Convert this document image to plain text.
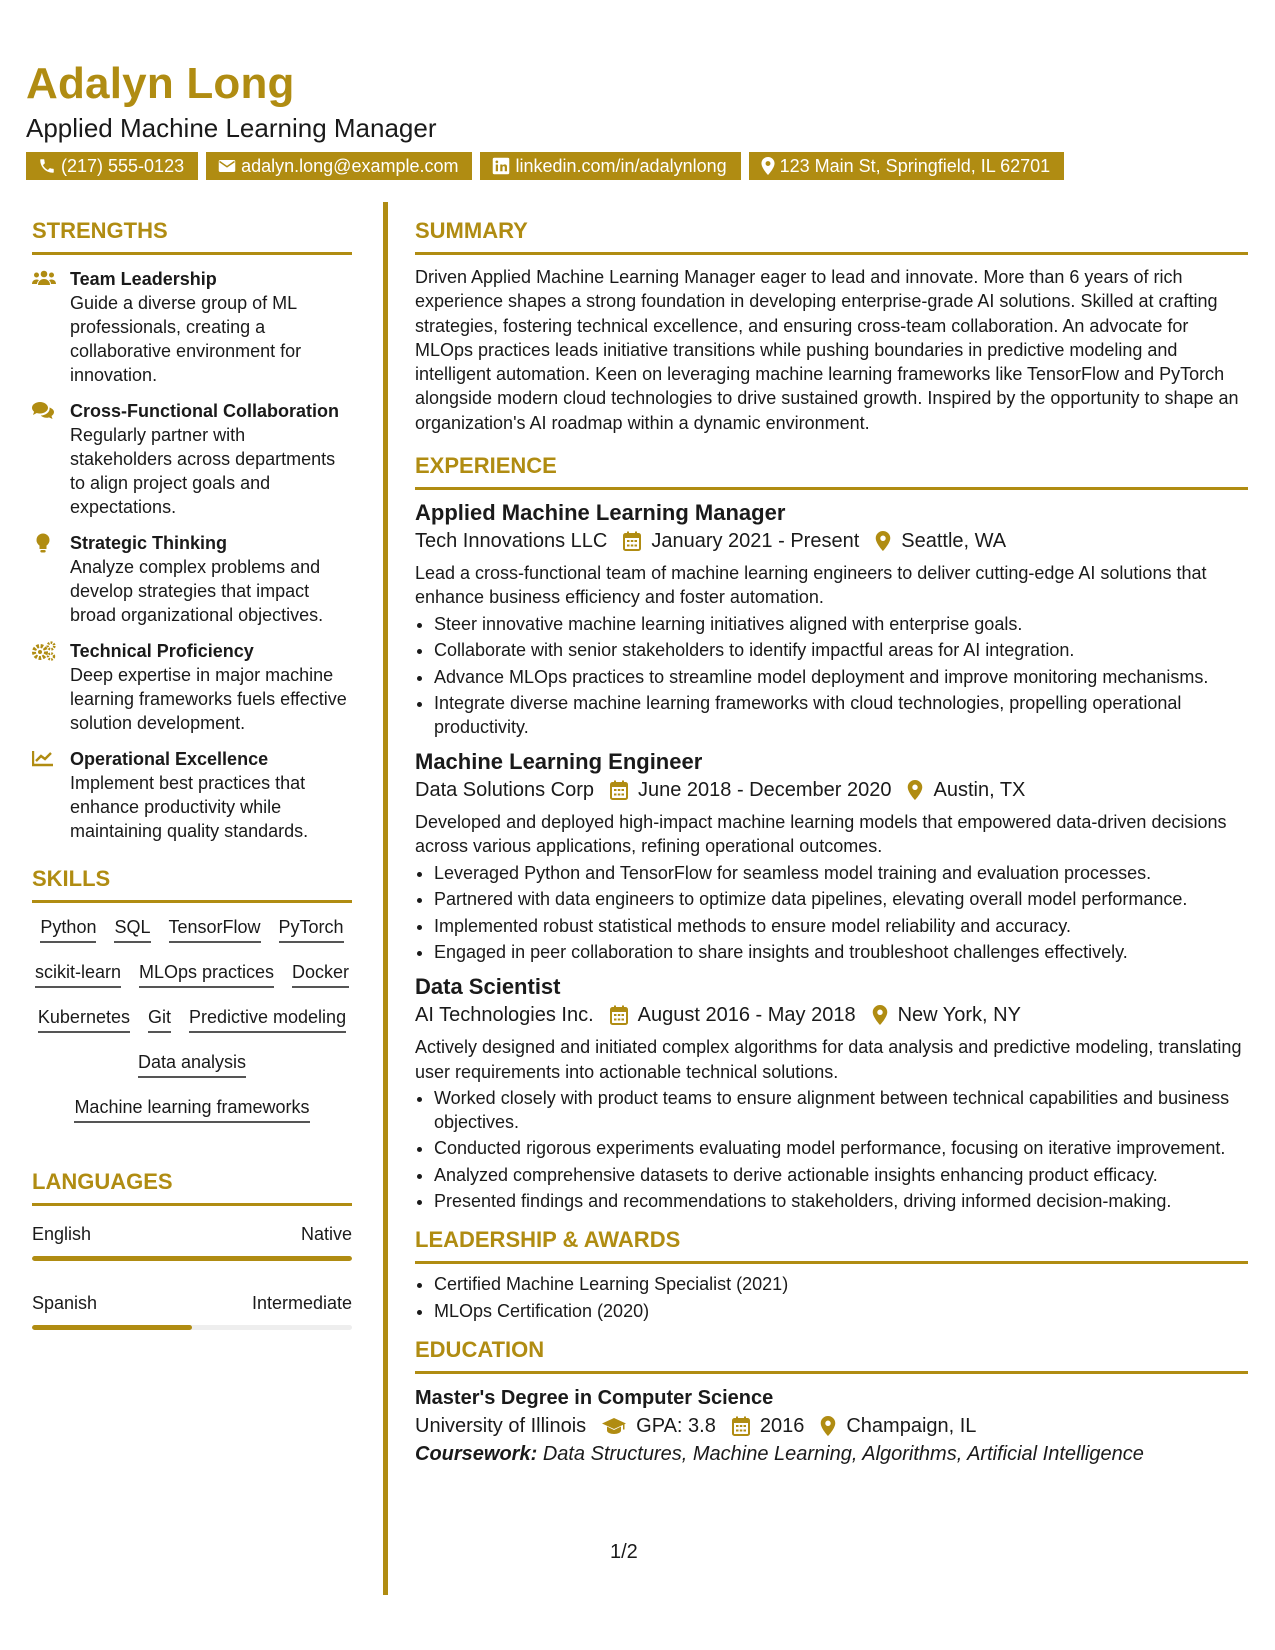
Adalyn Long
Applied Machine Learning Manager
(217) 555-0123	adalyn.long@example.com	linkedin.com/in/adalynlong	123 Main St, Springfield, IL 62701
STRENGTHS
Team Leadership
Guide a diverse group of ML professionals, creating a collaborative environment for innovation.
Cross-Functional Collaboration
Regularly partner with stakeholders across departments to align project goals and expectations.
Strategic Thinking
Analyze complex problems and develop strategies that impact broad organizational objectives.
Technical Proficiency
Deep expertise in major machine learning frameworks fuels effective solution development.
Operational Excellence
Implement best practices that enhance productivity while maintaining quality standards.
SKILLS
Python SQL TensorFlow PyTorch
scikit-learn MLOps practices Docker
Kubernetes Git Predictive modeling
Data analysis
Machine learning frameworks
LANGUAGES
English	Native
Spanish	Intermediate
SUMMARY
Driven Applied Machine Learning Manager eager to lead and innovate. More than 6 years of rich experience shapes a strong foundation in developing enterprise-grade AI solutions. Skilled at crafting strategies, fostering technical excellence, and ensuring cross-team collaboration. An advocate for MLOps practices leads initiative transitions while pushing boundaries in predictive modeling and intelligent automation. Keen on leveraging machine learning frameworks like TensorFlow and PyTorch alongside modern cloud technologies to drive sustained growth. Inspired by the opportunity to shape an organization's AI roadmap within a dynamic environment.
EXPERIENCE
Applied Machine Learning Manager
Tech Innovations LLC January 2021 - Present Seattle, WA
Lead a cross-functional team of machine learning engineers to deliver cutting-edge AI solutions that enhance business efficiency and foster automation.
• Steer innovative machine learning initiatives aligned with enterprise goals.
• Collaborate with senior stakeholders to identify impactful areas for AI integration.
• Advance MLOps practices to streamline model deployment and improve monitoring mechanisms.
• Integrate diverse machine learning frameworks with cloud technologies, propelling operational productivity.
Machine Learning Engineer
Data Solutions Corp June 2018 - December 2020 Austin, TX
Developed and deployed high-impact machine learning models that empowered data-driven decisions across various applications, refining operational outcomes.
• Leveraged Python and TensorFlow for seamless model training and evaluation processes.
• Partnered with data engineers to optimize data pipelines, elevating overall model performance.
• Implemented robust statistical methods to ensure model reliability and accuracy.
• Engaged in peer collaboration to share insights and troubleshoot challenges effectively.
Data Scientist
AI Technologies Inc. August 2016 - May 2018 New York, NY
Actively designed and initiated complex algorithms for data analysis and predictive modeling, translating user requirements into actionable technical solutions.
• Worked closely with product teams to ensure alignment between technical capabilities and business objectives.
• Conducted rigorous experiments evaluating model performance, focusing on iterative improvement.
• Analyzed comprehensive datasets to derive actionable insights enhancing product efficacy.
• Presented findings and recommendations to stakeholders, driving informed decision-making.
LEADERSHIP & AWARDS
• Certified Machine Learning Specialist (2021)
• MLOps Certification (2020)
EDUCATION
Master's Degree in Computer Science
University of Illinois	GPA: 3.8 2016 Champaign, IL
Coursework: Data Structures, Machine Learning, Algorithms, Artificial Intelligence
1/2
